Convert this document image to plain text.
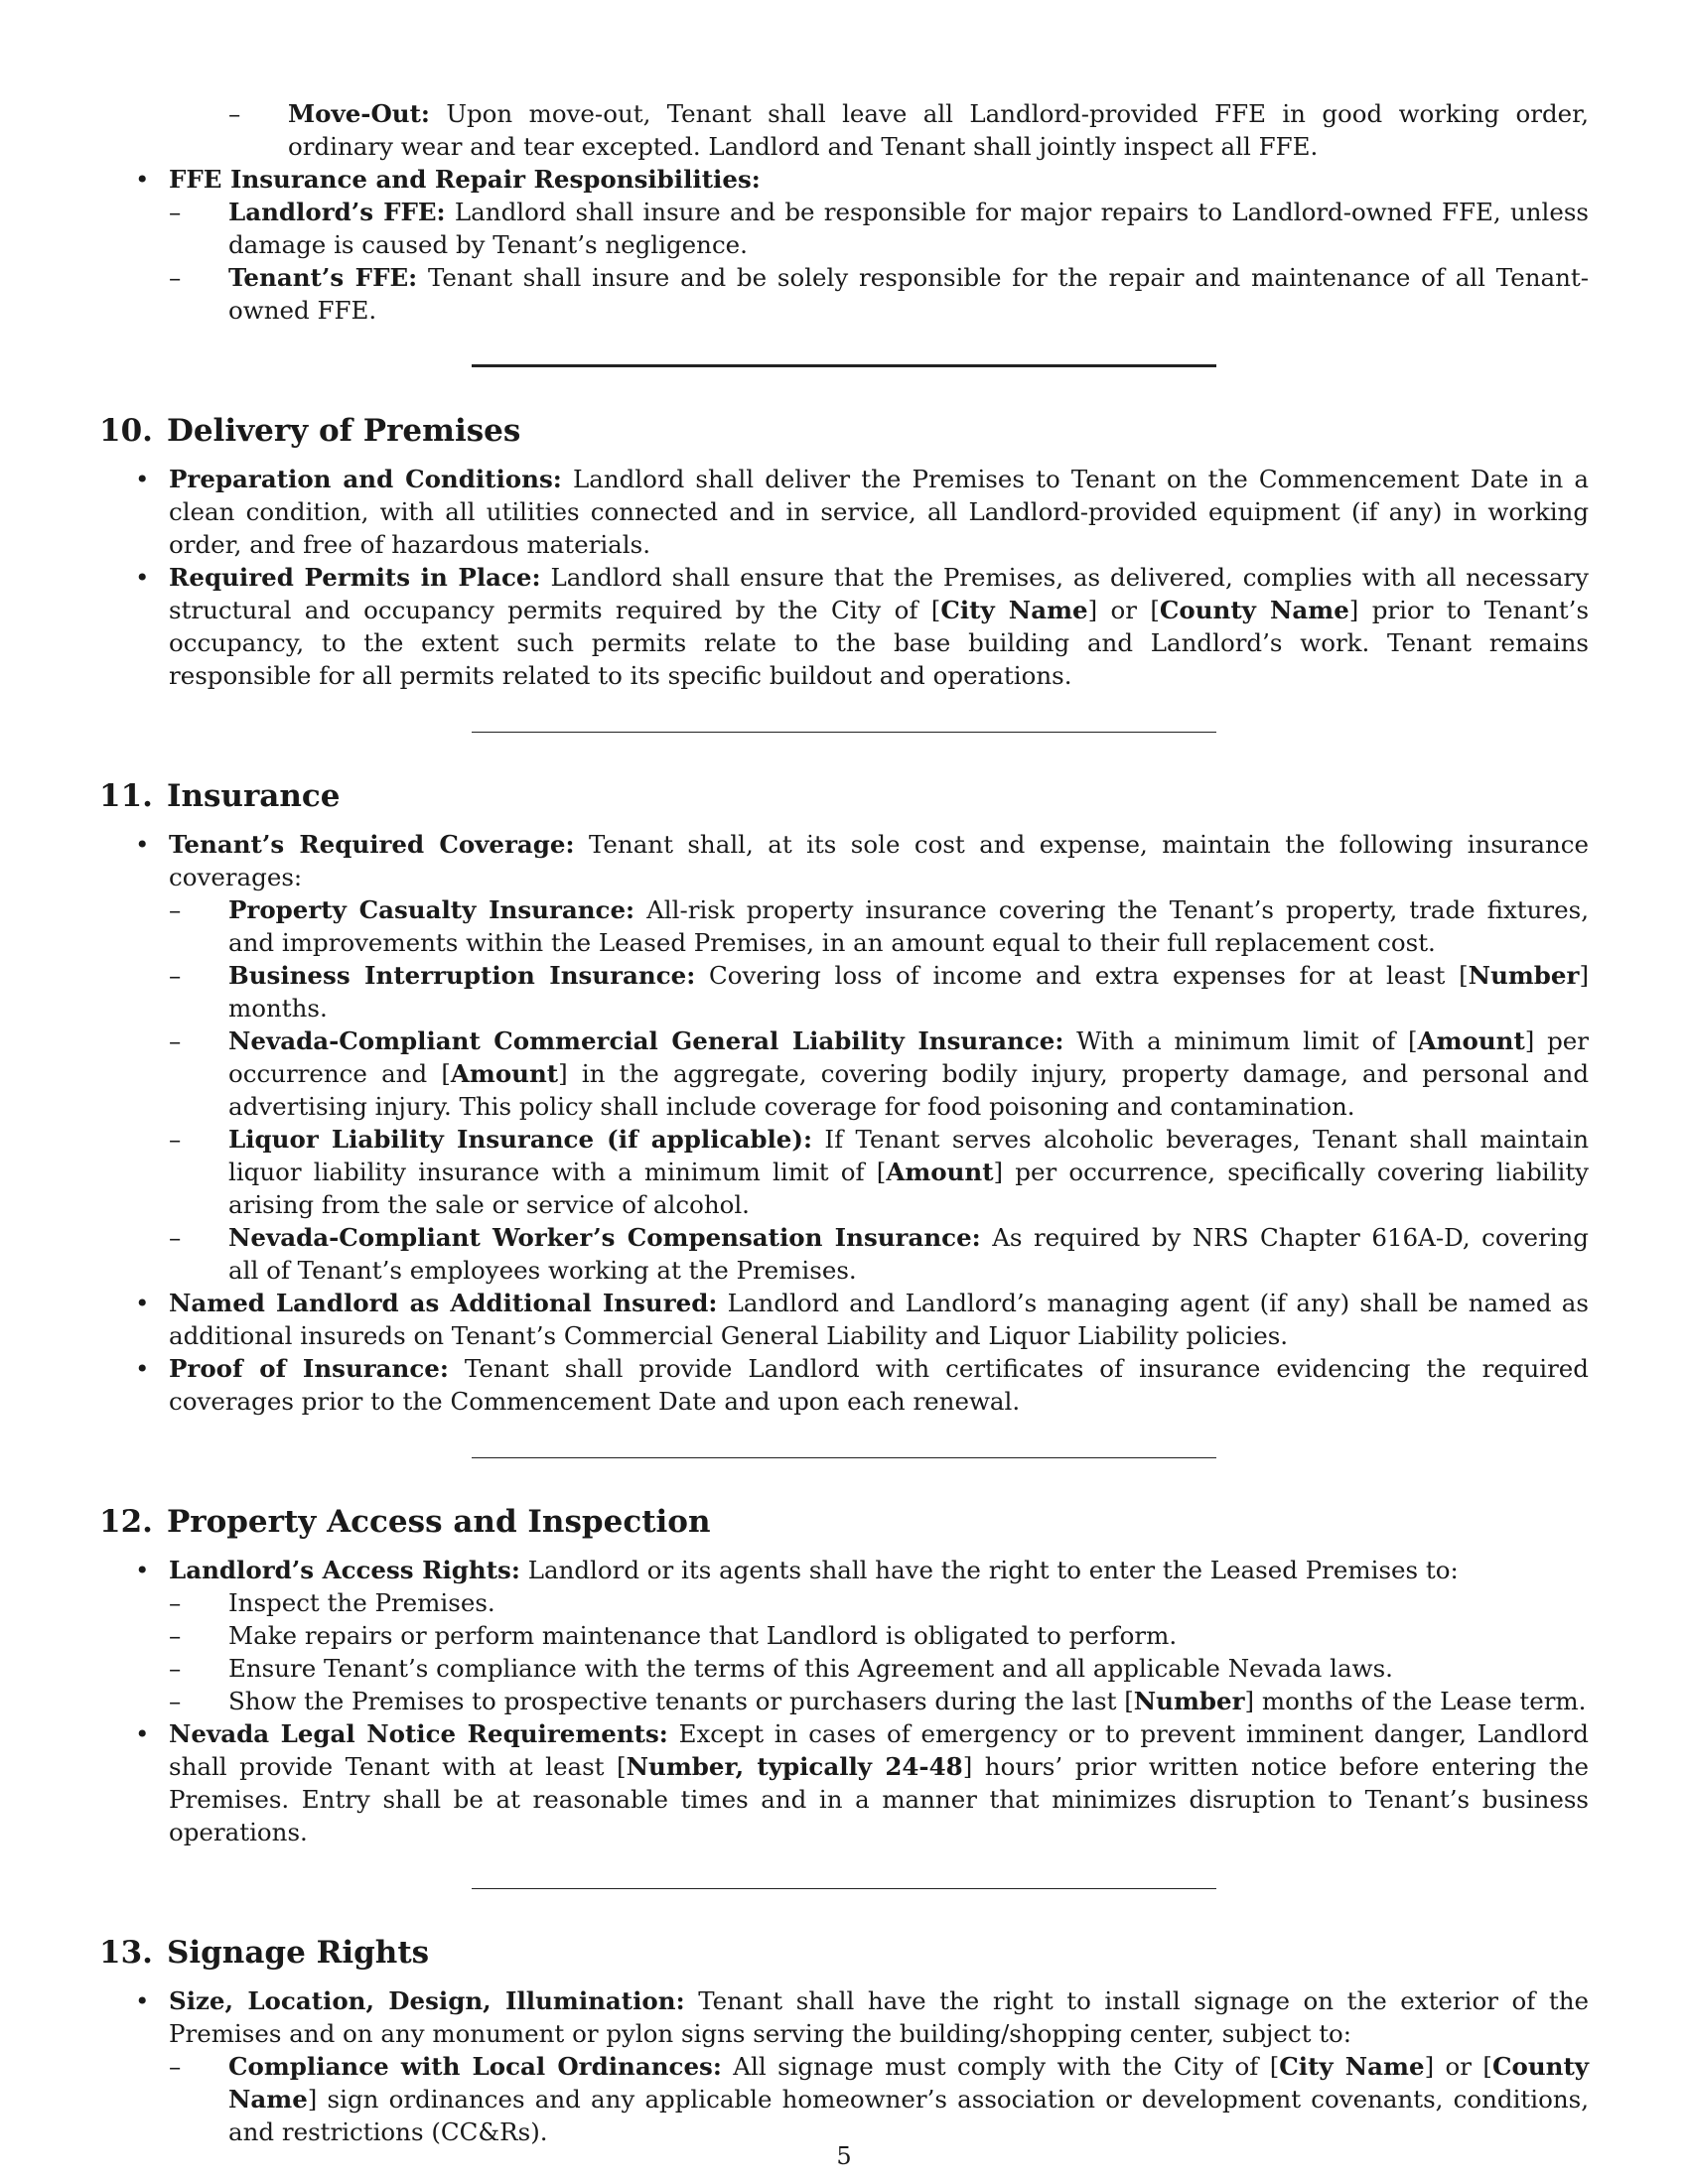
– Move-Out: Upon move-out, Tenant shall leave all Landlord-provided FFE in good working order, ordinary wear and tear excepted. Landlord and Tenant shall jointly inspect all FFE.
• FFE Insurance and Repair Responsibilities:
– Landlord’s FFE: Landlord shall insure and be responsible for major repairs to Landlord-owned FFE, unless damage is caused by Tenant’s negligence.
– Tenant’s FFE: Tenant shall insure and be solely responsible for the repair and maintenance of all Tenant-owned FFE.
10. Delivery of Premises
• Preparation and Conditions: Landlord shall deliver the Premises to Tenant on the Commencement Date in a clean condition, with all utilities connected and in service, all Landlord-provided equipment (if any) in working order, and free of hazardous materials.
• Required Permits in Place: Landlord shall ensure that the Premises, as delivered, complies with all necessary structural and occupancy permits required by the City of [City Name] or [County Name] prior to Tenant’s occupancy, to the extent such permits relate to the base building and Landlord’s work. Tenant remains responsible for all permits related to its specific buildout and operations.
11. Insurance
• Tenant’s Required Coverage: Tenant shall, at its sole cost and expense, maintain the following insurance coverages:
– Property Casualty Insurance: All-risk property insurance covering the Tenant’s property, trade fixtures, and improvements within the Leased Premises, in an amount equal to their full replacement cost.
– Business Interruption Insurance: Covering loss of income and extra expenses for at least [Number] months.
– Nevada-Compliant Commercial General Liability Insurance: With a minimum limit of [Amount] per occurrence and [Amount] in the aggregate, covering bodily injury, property damage, and personal and advertising injury. This policy shall include coverage for food poisoning and contamination.
– Liquor Liability Insurance (if applicable): If Tenant serves alcoholic beverages, Tenant shall maintain liquor liability insurance with a minimum limit of [Amount] per occurrence, specifically covering liability arising from the sale or service of alcohol.
– Nevada-Compliant Worker’s Compensation Insurance: As required by NRS Chapter 616A-D, covering all of Tenant’s employees working at the Premises.
• Named Landlord as Additional Insured: Landlord and Landlord’s managing agent (if any) shall be named as additional insureds on Tenant’s Commercial General Liability and Liquor Liability policies.
• Proof of Insurance: Tenant shall provide Landlord with certificates of insurance evidencing the required coverages prior to the Commencement Date and upon each renewal.
12. Property Access and Inspection
• Landlord’s Access Rights: Landlord or its agents shall have the right to enter the Leased Premises to:
– Inspect the Premises.
– Make repairs or perform maintenance that Landlord is obligated to perform.
– Ensure Tenant’s compliance with the terms of this Agreement and all applicable Nevada laws.
– Show the Premises to prospective tenants or purchasers during the last [Number] months of the Lease term.
• Nevada Legal Notice Requirements: Except in cases of emergency or to prevent imminent danger, Landlord shall provide Tenant with at least [Number, typically 24-48] hours’ prior written notice before entering the Premises. Entry shall be at reasonable times and in a manner that minimizes disruption to Tenant’s business operations.
13. Signage Rights
• Size, Location, Design, Illumination: Tenant shall have the right to install signage on the exterior of the Premises and on any monument or pylon signs serving the building/shopping center, subject to:
– Compliance with Local Ordinances: All signage must comply with the City of [City Name] or [County Name] sign ordinances and any applicable homeowner’s association or development covenants, conditions, and restrictions (CC&Rs).
5
